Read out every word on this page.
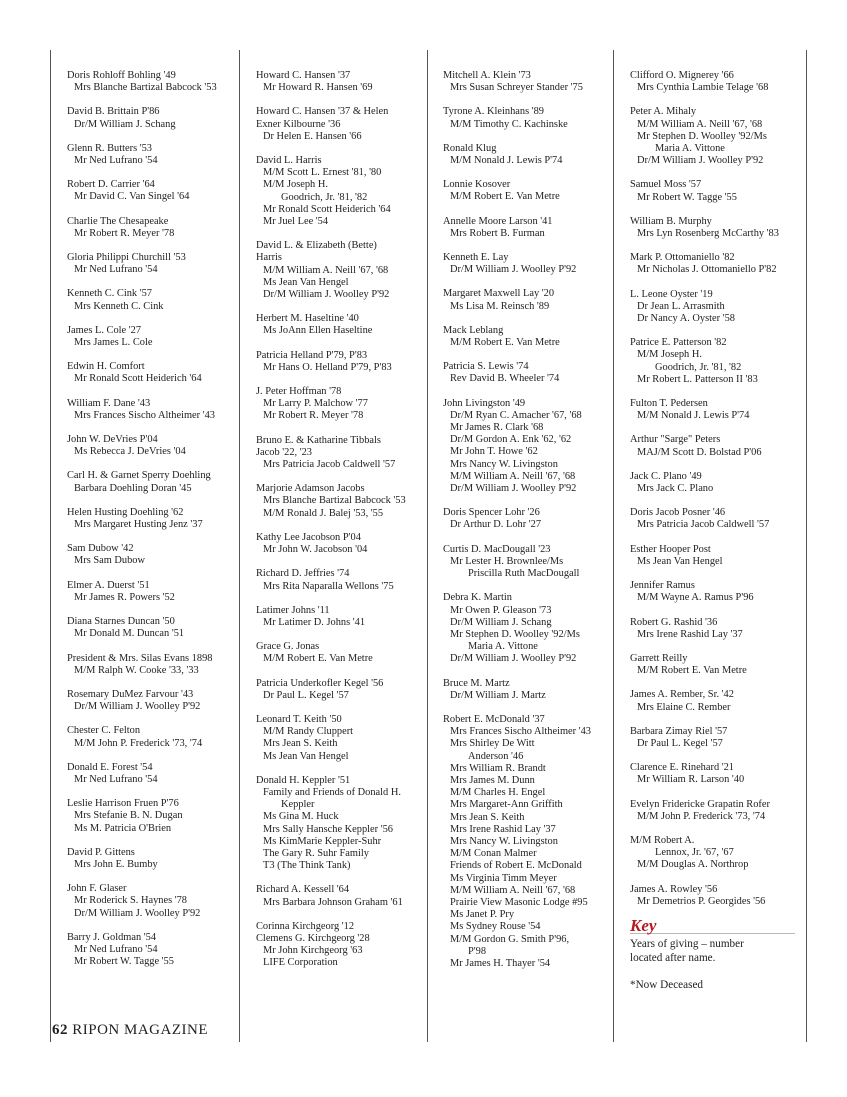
Doris Rohloff Bohling '49
Mrs Blanche Bartizal Babcock '53
David B. Brittain P'86
Dr/M William J. Schang
Glenn R. Butters '53
Mr Ned Lufrano '54
Robert D. Carrier '64
Mr David C. Van Singel '64
Charlie The Chesapeake
Mr Robert R. Meyer '78
Gloria Philippi Churchill '53
Mr Ned Lufrano '54
Kenneth C. Cink '57
Mrs Kenneth C. Cink
James L. Cole '27
Mrs James L. Cole
Edwin H. Comfort
Mr Ronald Scott Heiderich '64
William F. Dane '43
Mrs Frances Sischo Altheimer '43
John W. DeVries P'04
Ms Rebecca J. DeVries '04
Carl H. & Garnet Sperry Doehling
Barbara Doehling Doran '45
Helen Husting Doehling '62
Mrs Margaret Husting Jenz '37
Sam Dubow '42
Mrs Sam Dubow
Elmer A. Duerst '51
Mr James R. Powers '52
Diana Starnes Duncan '50
Mr Donald M. Duncan '51
President & Mrs. Silas Evans 1898
M/M Ralph W. Cooke '33, '33
Rosemary DuMez Farvour '43
Dr/M William J. Woolley P'92
Chester C. Felton
M/M John P. Frederick '73, '74
Donald E. Forest '54
Mr Ned Lufrano '54
Leslie Harrison Fruen P'76
Mrs Stefanie B. N. Dugan
Ms M. Patricia O'Brien
David P. Gittens
Mrs John E. Bumby
John F. Glaser
Mr Roderick S. Haynes '78
Dr/M William J. Woolley P'92
Barry J. Goldman '54
Mr Ned Lufrano '54
Mr Robert W. Tagge '55
Howard C. Hansen '37
Mr Howard R. Hansen '69
Howard C. Hansen '37 & Helen
Exner Kilbourne '36
Dr Helen E. Hansen '66
David L. Harris
M/M Scott L. Ernest '81, '80
M/M Joseph H.
Goodrich, Jr. '81, '82
Mr Ronald Scott Heiderich '64
Mr Juel Lee '54
David L. & Elizabeth (Bette)
Harris
M/M William A. Neill '67, '68
Ms Jean Van Hengel
Dr/M William J. Woolley P'92
Herbert M. Haseltine '40
Ms JoAnn Ellen Haseltine
Patricia Helland P'79, P'83
Mr Hans O. Helland P'79, P'83
J. Peter Hoffman '78
Mr Larry P. Malchow '77
Mr Robert R. Meyer '78
Bruno E. & Katharine Tibbals
Jacob '22, '23
Mrs Patricia Jacob Caldwell '57
Marjorie Adamson Jacobs
Mrs Blanche Bartizal Babcock '53
M/M Ronald J. Balej '53, '55
Kathy Lee Jacobson P'04
Mr John W. Jacobson '04
Richard D. Jeffries '74
Mrs Rita Naparalla Wellons '75
Latimer Johns '11
Mr Latimer D. Johns '41
Grace G. Jonas
M/M Robert E. Van Metre
Patricia Underkofler Kegel '56
Dr Paul L. Kegel '57
Leonard T. Keith '50
M/M Randy Cluppert
Mrs Jean S. Keith
Ms Jean Van Hengel
Donald H. Keppler '51
Family and Friends of Donald H.
Keppler
Ms Gina M. Huck
Mrs Sally Hansche Keppler '56
Ms KimMarie Keppler-Suhr
The Gary R. Suhr Family
T3 (The Think Tank)
Richard A. Kessell '64
Mrs Barbara Johnson Graham '61
Corinna Kirchgeorg '12
Clemens G. Kirchgeorg '28
Mr John Kirchgeorg '63
LIFE Corporation
Mitchell A. Klein '73
Mrs Susan Schreyer Stander '75
Tyrone A. Kleinhans '89
M/M Timothy C. Kachinske
Ronald Klug
M/M Nonald J. Lewis P'74
Lonnie Kosover
M/M Robert E. Van Metre
Annelle Moore Larson '41
Mrs Robert B. Furman
Kenneth E. Lay
Dr/M William J. Woolley P'92
Margaret Maxwell Lay '20
Ms Lisa M. Reinsch '89
Mack Leblang
M/M Robert E. Van Metre
Patricia S. Lewis '74
Rev David B. Wheeler '74
John Livingston '49
Dr/M Ryan C. Amacher '67, '68
Mr James R. Clark '68
Dr/M Gordon A. Enk '62, '62
Mr John T. Howe '62
Mrs Nancy W. Livingston
M/M William A. Neill '67, '68
Dr/M William J. Woolley P'92
Doris Spencer Lohr '26
Dr Arthur D. Lohr '27
Curtis D. MacDougall '23
Mr Lester H. Brownlee/Ms
Priscilla Ruth MacDougall
Debra K. Martin
Mr Owen P. Gleason '73
Dr/M William J. Schang
Mr Stephen D. Woolley '92/Ms
Maria A. Vittone
Dr/M William J. Woolley P'92
Bruce M. Martz
Dr/M William J. Martz
Robert E. McDonald '37
Mrs Frances Sischo Altheimer '43
Mrs Shirley De Witt
Anderson '46
Mrs William R. Brandt
Mrs James M. Dunn
M/M Charles H. Engel
Mrs Margaret-Ann Griffith
Mrs Jean S. Keith
Mrs Irene Rashid Lay '37
Mrs Nancy W. Livingston
M/M Conan Malmer
Friends of Robert E. McDonald
Ms Virginia Timm Meyer
M/M William A. Neill '67, '68
Prairie View Masonic Lodge #95
Ms Janet P. Pry
Ms Sydney Rouse '54
M/M Gordon G. Smith P'96,
P'98
Mr James H. Thayer '54
Clifford O. Mignerey '66
Mrs Cynthia Lambie Telage '68
Peter A. Mihaly
M/M William A. Neill '67, '68
Mr Stephen D. Woolley '92/Ms
Maria A. Vittone
Dr/M William J. Woolley P'92
Samuel Moss '57
Mr Robert W. Tagge '55
William B. Murphy
Mrs Lyn Rosenberg McCarthy '83
Mark P. Ottomaniello '82
Mr Nicholas J. Ottomaniello P'82
L. Leone Oyster '19
Dr Jean L. Arrasmith
Dr Nancy A. Oyster '58
Patrice E. Patterson '82
M/M Joseph H.
Goodrich, Jr. '81, '82
Mr Robert L. Patterson II '83
Fulton T. Pedersen
M/M Nonald J. Lewis P'74
Arthur "Sarge" Peters
MAJ/M Scott D. Bolstad P'06
Jack C. Plano '49
Mrs Jack C. Plano
Doris Jacob Posner '46
Mrs Patricia Jacob Caldwell '57
Esther Hooper Post
Ms Jean Van Hengel
Jennifer Ramus
M/M Wayne A. Ramus P'96
Robert G. Rashid '36
Mrs Irene Rashid Lay '37
Garrett Reilly
M/M Robert E. Van Metre
James A. Rember, Sr. '42
Mrs Elaine C. Rember
Barbara Zimay Riel '57
Dr Paul L. Kegel '57
Clarence E. Rinehard '21
Mr William R. Larson '40
Evelyn Fridericke Grapatin Rofer
M/M John P. Frederick '73, '74
M/M Robert A.
Lennox, Jr. '67, '67
M/M Douglas A. Northrop
James A. Rowley '56
Mr Demetrios P. Georgides '56
Key
Years of giving – number
located after name.
*Now Deceased
62 RIPON MAGAZINE
